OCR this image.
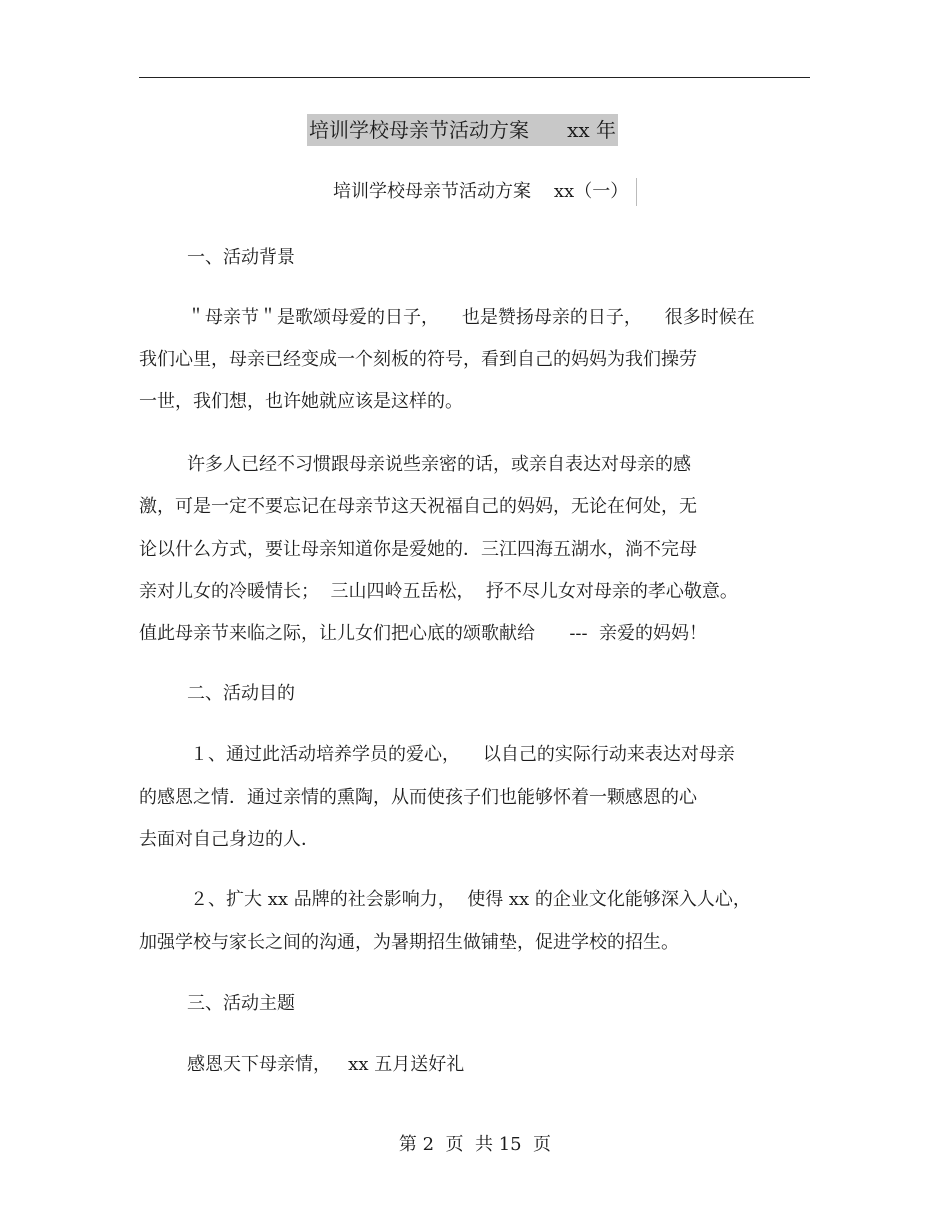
培训学校母亲节活动方案      xx 年
培训学校母亲节活动方案    xx（一）
一、活动背景
＂母亲节＂是歌颂母爱的日子，    也是赞扬母亲的日子，    很多时候在
我们心里，母亲已经变成一个刻板的符号，看到自己的妈妈为我们操劳
一世，我们想，也许她就应该是这样的。
许多人已经不习惯跟母亲说些亲密的话，或亲自表达对母亲的感
激，可是一定不要忘记在母亲节这天祝福自己的妈妈，无论在何处，无
论以什么方式，要让母亲知道你是爱她的．三江四海五湖水，淌不完母
亲对儿女的冷暖情长；  三山四岭五岳松，  抒不尽儿女对母亲的孝心敬意。
值此母亲节来临之际，让儿女们把心底的颂歌献给      ---  亲爱的妈妈！
二、活动目的
１、通过此活动培养学员的爱心，    以自己的实际行动来表达对母亲
的感恩之情．通过亲情的熏陶，从而使孩子们也能够怀着一颗感恩的心
去面对自己身边的人．
２、扩大 xx 品牌的社会影响力，  使得 xx 的企业文化能够深入人心，
加强学校与家长之间的沟通，为暑期招生做铺垫，促进学校的招生。
三、活动主题
感恩天下母亲情，   xx 五月送好礼
第 2  页  共 15  页
